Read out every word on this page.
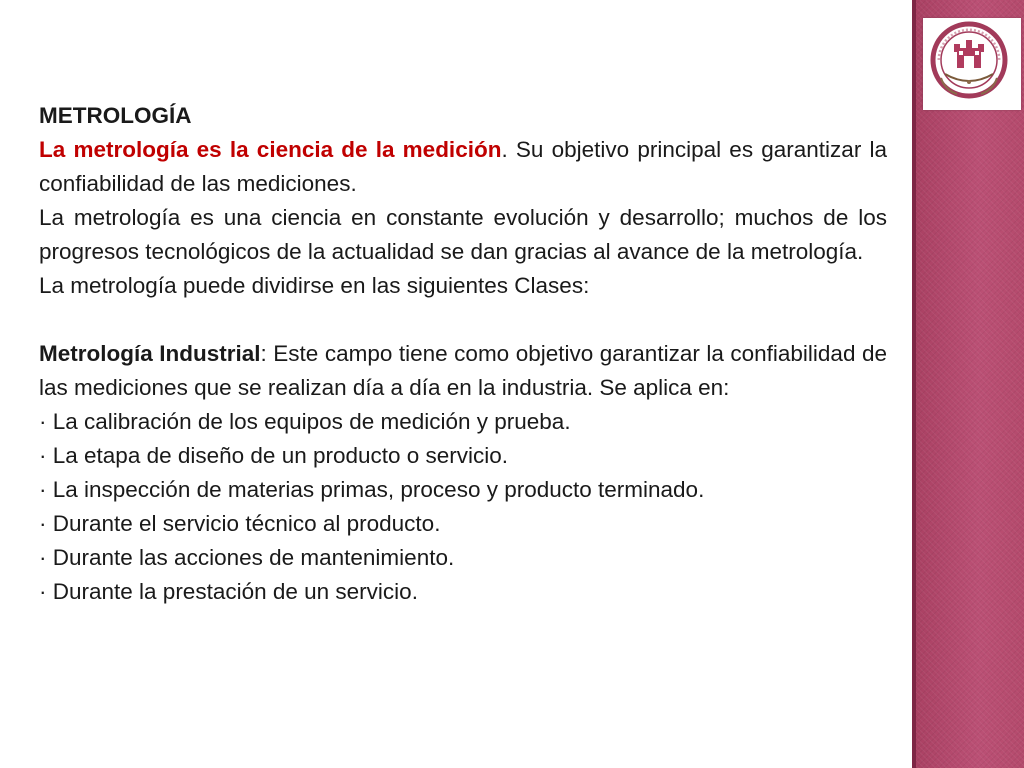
METROLOGÍA

La metrología es la ciencia de la medición. Su objetivo principal es garantizar la confiabilidad de las mediciones.

La metrología es una ciencia en constante evolución y desarrollo; muchos de los progresos tecnológicos de la actualidad se dan gracias al avance de la metrología.

La metrología puede dividirse en las siguientes Clases:

Metrología Industrial: Este campo tiene como objetivo garantizar la confiabilidad de las mediciones que se realizan día a día en la industria. Se aplica en:

· La calibración de los equipos de medición y prueba.
· La etapa de diseño de un producto o servicio.
· La inspección de materias primas, proceso y producto terminado.
· Durante el servicio técnico al producto.
· Durante las acciones de mantenimiento.
· Durante la prestación de un servicio.
